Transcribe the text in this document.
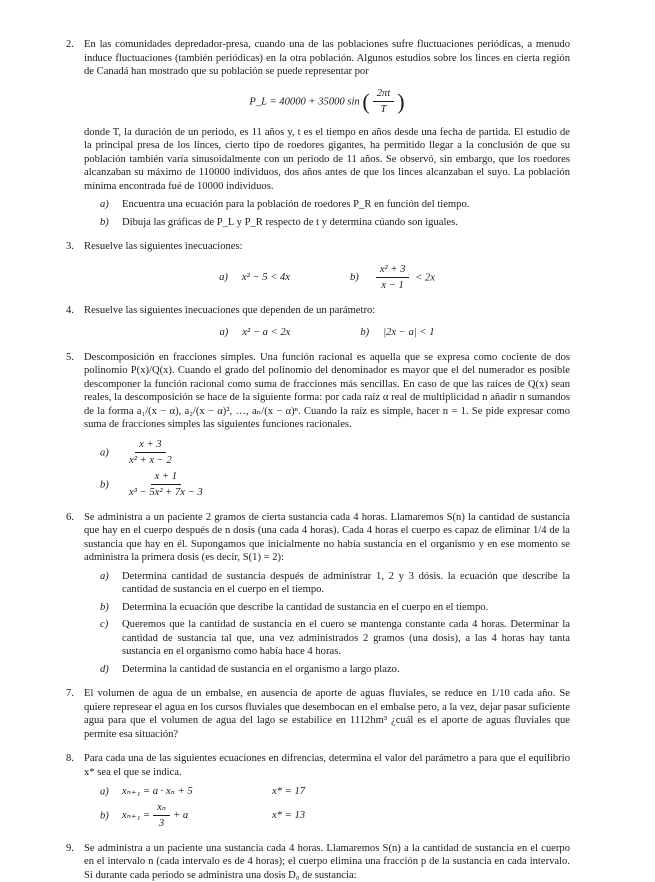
2. En las comunidades depredador-presa, cuando una de las poblaciones sufre fluctuaciones periódicas, a menudo induce fluctuaciones (también periódicas) en la otra población. Algunos estudios sobre los linces en cierta región de Canadá han mostrado que su población se puede representar por

P_L = 40000 + 35000 sin ( $\frac{2\pi t}{T}$ )

donde T, la duración de un periodo, es 11 años y, t es el tiempo en años desde una fecha de partida. El estudio de la principal presa de los linces, cierto tipo de roedores gigantes, ha permitido llegar a la conclusión de que su población también varía sinusoidalmente con un periodo de 11 años. Se observó, sin embargo, que los roedores alcanzaban su máximo de 110000 individuos, dos años antes de que los linces alcanzaban el suyo. La población mínima encontrada fué de 10000 individuos.

a) Encuentra una ecuación para la población de roedores P_R en función del tiempo.
b) Dibuja las gráficas de P_L y P_R respecto de t y determina cúando son iguales.
3. Resuelve las siguientes inecuaciones:

a) x² − 5 < 4x	$b) \frac{\text{x² + 3}}{x - 1} < 2x$
4. Resuelve las siguientes inecuaciones que dependen de un parámetro:

a) x² − a < 2x	b) |2x − a| < 1
5. Descomposición en fracciones simples. Una función racional es aquella que se expresa como cociente de dos polinomio P(x)/Q(x). Cuando el grado del polinomio del denominador es mayor que el del numerador es posible descomponer la función racional como suma de fracciones más sencillas. En caso de que las raíces de Q(x) sean reales, la descomposición se hace de la siguiente forma: por cada raíz α real de multiplicidad n añadir n sumandos de la forma a₁/(x − α), a₂/(x − α)², …, aₙ/(x − α)ⁿ. Cuando la raíz es simple, hacer n = 1. Se pide expresar como suma de fracciones simples las siguientes funciones racionales.

$a) \frac{x + 3}{\text{x² + x − 2}}$
$b) \frac{x + 1}{\text{x³ − 5x² + 7x − 3}}$
6. Se administra a un paciente 2 gramos de cierta sustancia cada 4 horas. Llamaremos S(n) la cantidad de sustancia que hay en el cuerpo después de n dosis (una cada 4 horas). Cada 4 horas el cuerpo es capaz de eliminar 1/4 de la sustancia que hay en él. Supongamos que inicialmente no había sustancia en el organismo y en ese momento se administra la primera dosis (es decir, S(1) = 2):

a) Determina cantidad de sustancia después de administrar 1, 2 y 3 dósis. la ecuación que describe la cantidad de sustancia en el cuerpo en el tiempo.
b) Determina la ecuación que describe la cantidad de sustancia en el cuerpo en el tiempo.
c) Queremos que la cantidad de sustancia en el cuero se mantenga constante cada 4 horas. Determinar la cantidad de sustancia tal que, una vez administrados 2 gramos (una dosis), a las 4 horas hay tanta sustancia en el organismo como había hace 4 horas.
d) Determina la cantidad de sustancia en el organismo a largo plazo.
7. El volumen de agua de un embalse, en ausencia de aporte de aguas fluviales, se reduce en 1/10 cada año. Se quiere represear el agua en los cursos fluviales que desembocan en el embalse pero, a la vez, dejar pasar suficiente agua para que el volumen de agua del lago se estabilice en 1112hm³ ¿cuál es el aporte de aguas fluviales que permite esa situación?

8. Para cada una de las siguientes ecuaciones en difrencias, determina el valor del parámetro a para que el equilibrio x* sea el que se indica.

a) xₙ₊₁ = a · xₙ + 5	x* = 17
b) $x_{n+1} = \frac{\text{xₙ}}{3} + a$	x* = 13
9. Se administra a un paciente una sustancia cada 4 horas. Llamaremos S(n) a la cantidad de sustancia en el cuerpo en el intervalo n (cada intervalo es de 4 horas); el cuerpo elimina una fracción p de la sustancia en cada intervalo. Si durante cada periodo se administra una dosis D₀ de sustancia:
